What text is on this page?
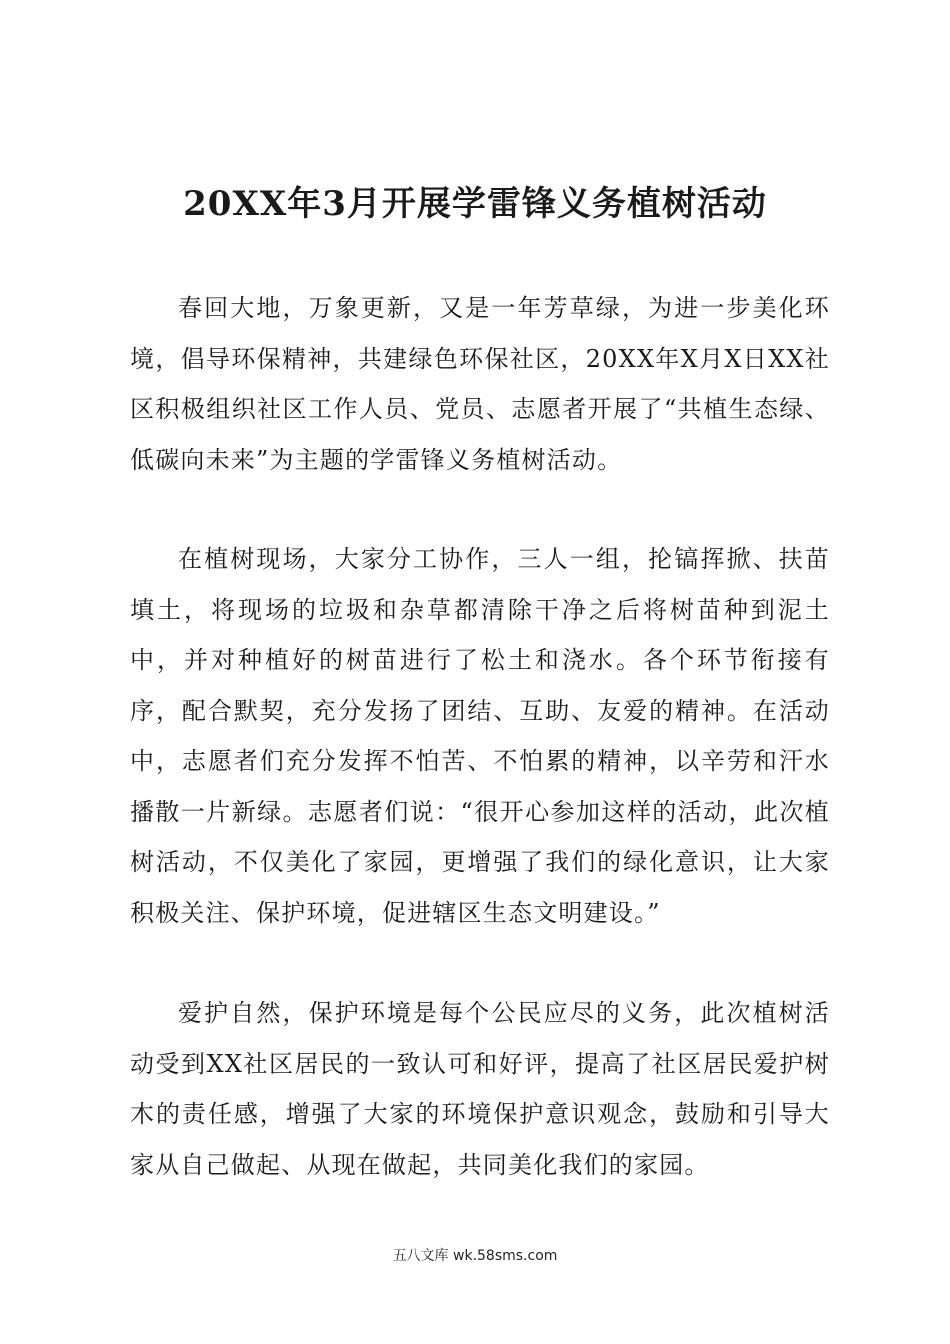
20XX年3月开展学雷锋义务植树活动

春回大地，万象更新，又是一年芳草绿，为进一步美化环境，倡导环保精神，共建绿色环保社区，20XX年X月X日XX社区积极组织社区工作人员、党员、志愿者开展了“共植生态绿、低碳向未来”为主题的学雷锋义务植树活动。

在植树现场，大家分工协作，三人一组，抡镐挥掀、扶苗填土，将现场的垃圾和杂草都清除干净之后将树苗种到泥土中，并对种植好的树苗进行了松土和浇水。各个环节衔接有序，配合默契，充分发扬了团结、互助、友爱的精神。在活动中，志愿者们充分发挥不怕苦、不怕累的精神，以辛劳和汗水播散一片新绿。志愿者们说：“很开心参加这样的活动，此次植树活动，不仅美化了家园，更增强了我们的绿化意识，让大家积极关注、保护环境，促进辖区生态文明建设。”

爱护自然，保护环境是每个公民应尽的义务，此次植树活动受到XX社区居民的一致认可和好评，提高了社区居民爱护树木的责任感，增强了大家的环境保护意识观念，鼓励和引导大家从自己做起、从现在做起，共同美化我们的家园。

五八文库 wk.58sms.com
